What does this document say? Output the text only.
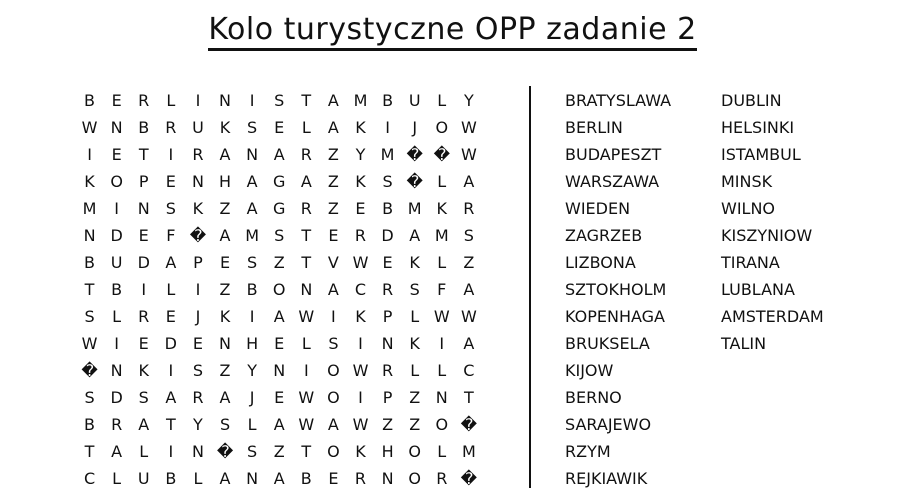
Kolo turystyczne OPP zadanie 2
B	E	R	L	I	N	I	S	T	A M B U	L	Y
W N B	R U K	S	E	L	A	K	I	J	O W
I	E	T	I	R	A N A	R	Z	Y M � � W
K O P	E	N H A G A	Z	K	S � L	A
M	I	N	S	K	Z	A G R	Z	E	B M K	R
N D E	F � A M S	T	E	R D A M S
B U D A	P	E	S	Z	T	V W E	K	L	Z
T	B	I	L	I	Z	B O N A	C R	S	F	A
S	L	R	E	J	K	I	A W	I	K	P	L W W
W	I	E D E	N H	E	L	S	I	N K	I	A
� N K	I	S	Z	Y	N	I	O W R	L	L	C
S D S	A	R	A	J	E W O	I	P	Z N	T
B	R	A	T	Y	S	L	A W A W Z	Z O �
T	A	L	I	N � S	Z	T O K H O	L M
C	L	U B	L	A N A	B	E	R N O R �
BRATYSLAWA
BERLIN
BUDAPESZT
WARSZAWA
WIEDEN
ZAGRZEB
LIZBONA
SZTOKHOLM
KOPENHAGA
BRUKSELA
KIJOW
BERNO
SARAJEWO
RZYM
REJKIAWIK
DUBLIN
HELSINKI
ISTAMBUL
MINSK
WILNO
KISZYNIOW
TIRANA
LUBLANA
AMSTERDAM
TALIN
